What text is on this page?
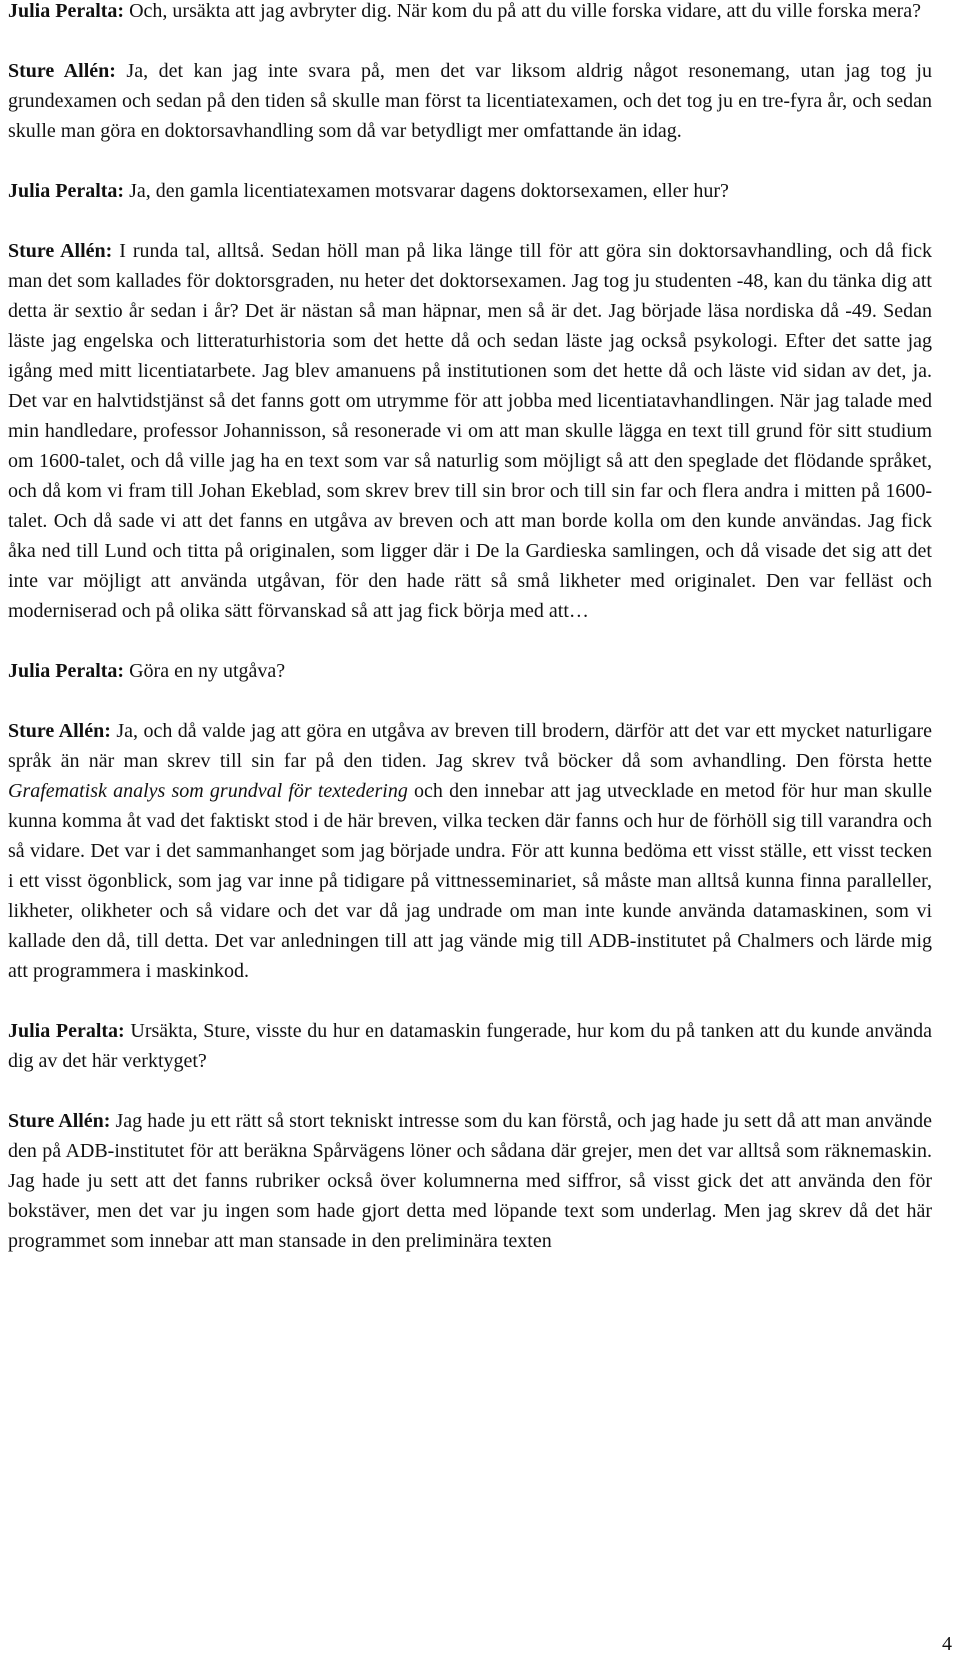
Julia Peralta: Och, ursäkta att jag avbryter dig. När kom du på att du ville forska vidare, att du ville forska mera?

Sture Allén: Ja, det kan jag inte svara på, men det var liksom aldrig något resonemang, utan jag tog ju grundexamen och sedan på den tiden så skulle man först ta licentiatexamen, och det tog ju en tre-fyra år, och sedan skulle man göra en doktorsavhandling som då var betydligt mer omfattande än idag.

Julia Peralta: Ja, den gamla licentiatexamen motsvarar dagens doktorsexamen, eller hur?

Sture Allén: I runda tal, alltså. Sedan höll man på lika länge till för att göra sin doktorsavhandling, och då fick man det som kallades för doktorsgraden, nu heter det doktorsexamen. Jag tog ju studenten -48, kan du tänka dig att detta är sextio år sedan i år? Det är nästan så man häpnar, men så är det. Jag började läsa nordiska då -49. Sedan läste jag engelska och litteraturhistoria som det hette då och sedan läste jag också psykologi. Efter det satte jag igång med mitt licentiatarbete. Jag blev amanuens på institutionen som det hette då och läste vid sidan av det, ja. Det var en halvtidstjänst så det fanns gott om utrymme för att jobba med licentiatavhandlingen. När jag talade med min handledare, professor Johannisson, så resonerade vi om att man skulle lägga en text till grund för sitt studium om 1600-talet, och då ville jag ha en text som var så naturlig som möjligt så att den speglade det flödande språket, och då kom vi fram till Johan Ekeblad, som skrev brev till sin bror och till sin far och flera andra i mitten på 1600-talet. Och då sade vi att det fanns en utgåva av breven och att man borde kolla om den kunde användas. Jag fick åka ned till Lund och titta på originalen, som ligger där i De la Gardieska samlingen, och då visade det sig att det inte var möjligt att använda utgåvan, för den hade rätt så små likheter med originalet. Den var felläst och moderniserad och på olika sätt förvanskad så att jag fick börja med att…

Julia Peralta: Göra en ny utgåva?

Sture Allén: Ja, och då valde jag att göra en utgåva av breven till brodern, därför att det var ett mycket naturligare språk än när man skrev till sin far på den tiden. Jag skrev två böcker då som avhandling. Den första hette Grafematisk analys som grundval för textedering och den innebar att jag utvecklade en metod för hur man skulle kunna komma åt vad det faktiskt stod i de här breven, vilka tecken där fanns och hur de förhöll sig till varandra och så vidare. Det var i det sammanhanget som jag började undra. För att kunna bedöma ett visst ställe, ett visst tecken i ett visst ögonblick, som jag var inne på tidigare på vittnesseminariet, så måste man alltså kunna finna paralleller, likheter, olikheter och så vidare och det var då jag undrade om man inte kunde använda datamaskinen, som vi kallade den då, till detta. Det var anledningen till att jag vände mig till ADB-institutet på Chalmers och lärde mig att programmera i maskinkod.

Julia Peralta: Ursäkta, Sture, visste du hur en datamaskin fungerade, hur kom du på tanken att du kunde använda dig av det här verktyget?

Sture Allén: Jag hade ju ett rätt så stort tekniskt intresse som du kan förstå, och jag hade ju sett då att man använde den på ADB-institutet för att beräkna Spårvägens löner och sådana där grejer, men det var alltså som räknemaskin. Jag hade ju sett att det fanns rubriker också över kolumnerna med siffror, så visst gick det att använda den för bokstäver, men det var ju ingen som hade gjort detta med löpande text som underlag. Men jag skrev då det här programmet som innebar att man stansade in den preliminära texten

4
